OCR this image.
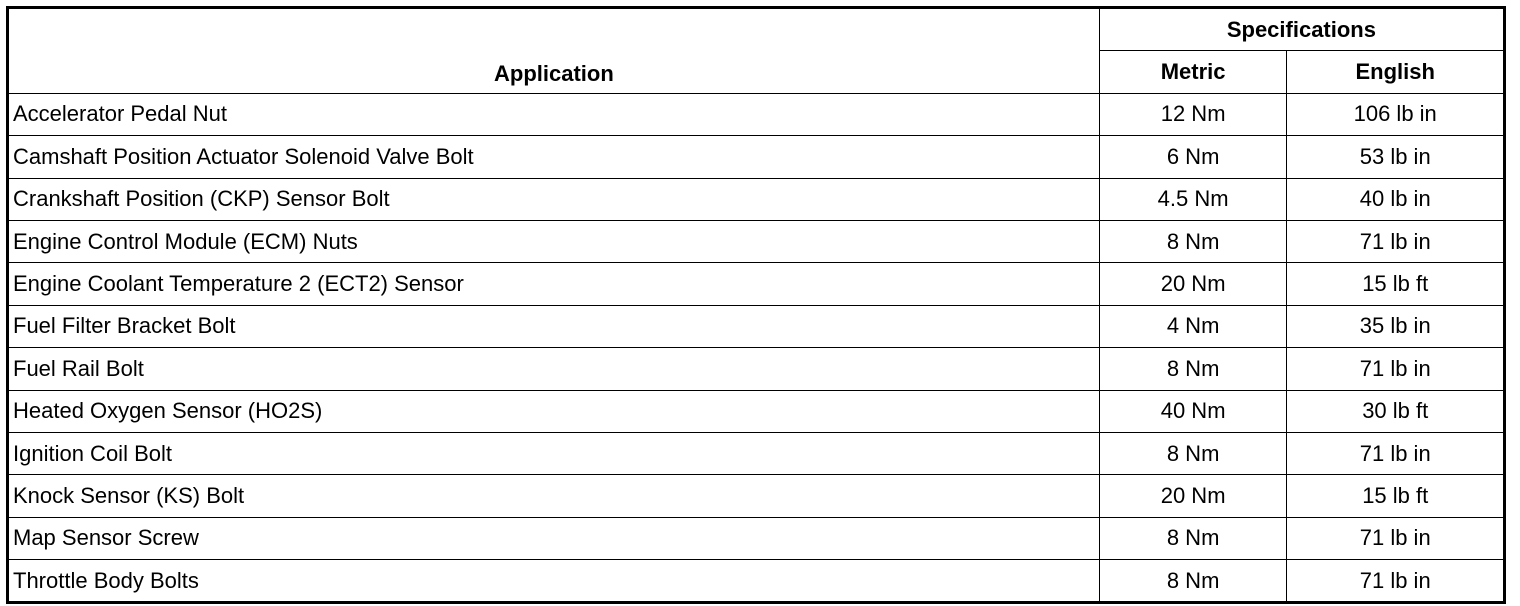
Application	Specifications	
	Metric	English
Accelerator Pedal Nut	12 Nm	106 lb in
Camshaft Position Actuator Solenoid Valve Bolt	6 Nm	53 lb in
Crankshaft Position (CKP) Sensor Bolt	4.5 Nm	40 lb in
Engine Control Module (ECM) Nuts	8 Nm	71 lb in
Engine Coolant Temperature 2 (ECT2) Sensor	20 Nm	15 lb ft
Fuel Filter Bracket Bolt	4 Nm	35 lb in
Fuel Rail Bolt	8 Nm	71 lb in
Heated Oxygen Sensor (HO2S)	40 Nm	30 lb ft
Ignition Coil Bolt	8 Nm	71 lb in
Knock Sensor (KS) Bolt	20 Nm	15 lb ft
Map Sensor Screw	8 Nm	71 lb in
Throttle Body Bolts	8 Nm	71 lb in
